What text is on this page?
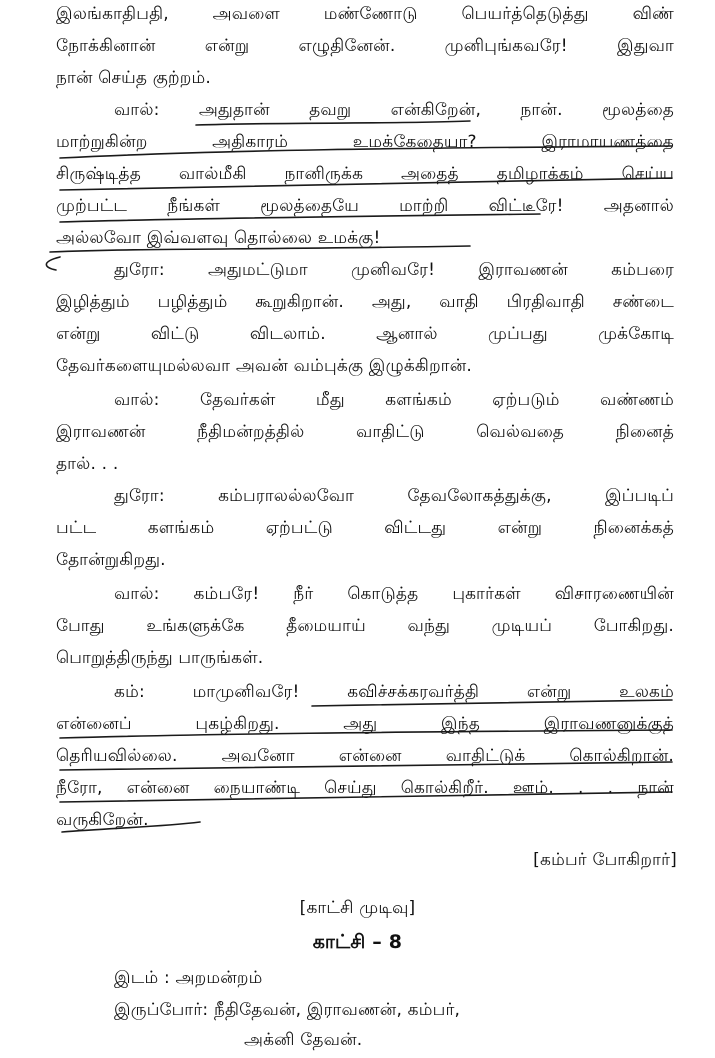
இலங்காதிபதி, அவளை மண்ணோடு பெயர்த்தெடுத்து விண்

நோக்கினான் என்று எழுதினேன். முனிபுங்கவரே! இதுவா

நான் செய்த குற்றம்.

வால்: அதுதான் தவறு என்கிறேன், நான். மூலத்தை

மாற்றுகின்ற அதிகாரம் உமக்கேதையா? இராமாயணத்தை

சிருஷ்டித்த வால்மீகி நானிருக்க அதைத் தமிழாக்கம் செய்ய

முற்பட்ட நீங்கள் மூலத்தையே மாற்றி விட்டீரே! அதனால்

அல்லவோ இவ்வளவு தொல்லை உமக்கு!

துரோ: அதுமட்டுமா முனிவரே! இராவணன் கம்பரை

இழித்தும் பழித்தும் கூறுகிறான். அது, வாதி பிரதிவாதி சண்டை

என்று விட்டு விடலாம். ஆனால் முப்பது முக்கோடி

தேவர்களையுமல்லவா அவன் வம்புக்கு இழுக்கிறான்.

வால்: தேவர்கள் மீது களங்கம் ஏற்படும் வண்ணம்

இராவணன் நீதிமன்றத்தில் வாதிட்டு வெல்வதை நினைத்

தால். . .

துரோ: கம்பராலல்லவோ தேவலோகத்துக்கு, இப்படிப்

பட்ட களங்கம் ஏற்பட்டு விட்டது என்று நினைக்கத்

தோன்றுகிறது.

வால்: கம்பரே! நீர் கொடுத்த புகார்கள் விசாரணையின்

போது உங்களுக்கே தீமையாய் வந்து முடியப் போகிறது.

பொறுத்திருந்து பாருங்கள்.

கம்: மாமுனிவரே! கவிச்சக்கரவர்த்தி என்று உலகம்

என்னைப் புகழ்கிறது. அது இந்த இராவணனுக்குத்

தெரியவில்லை. அவனோ என்னை வாதிட்டுக் கொல்கிறான்.

நீரோ, என்னை நையாண்டி செய்து கொல்கிறீர். ஊம். . . நான்

வருகிறேன்.

[கம்பர் போகிறார்]

[காட்சி முடிவு]

காட்சி – 8

இடம் : அறமன்றம்

இருப்போர்: நீதிதேவன், இராவணன், கம்பர்,

அக்னி தேவன்.
